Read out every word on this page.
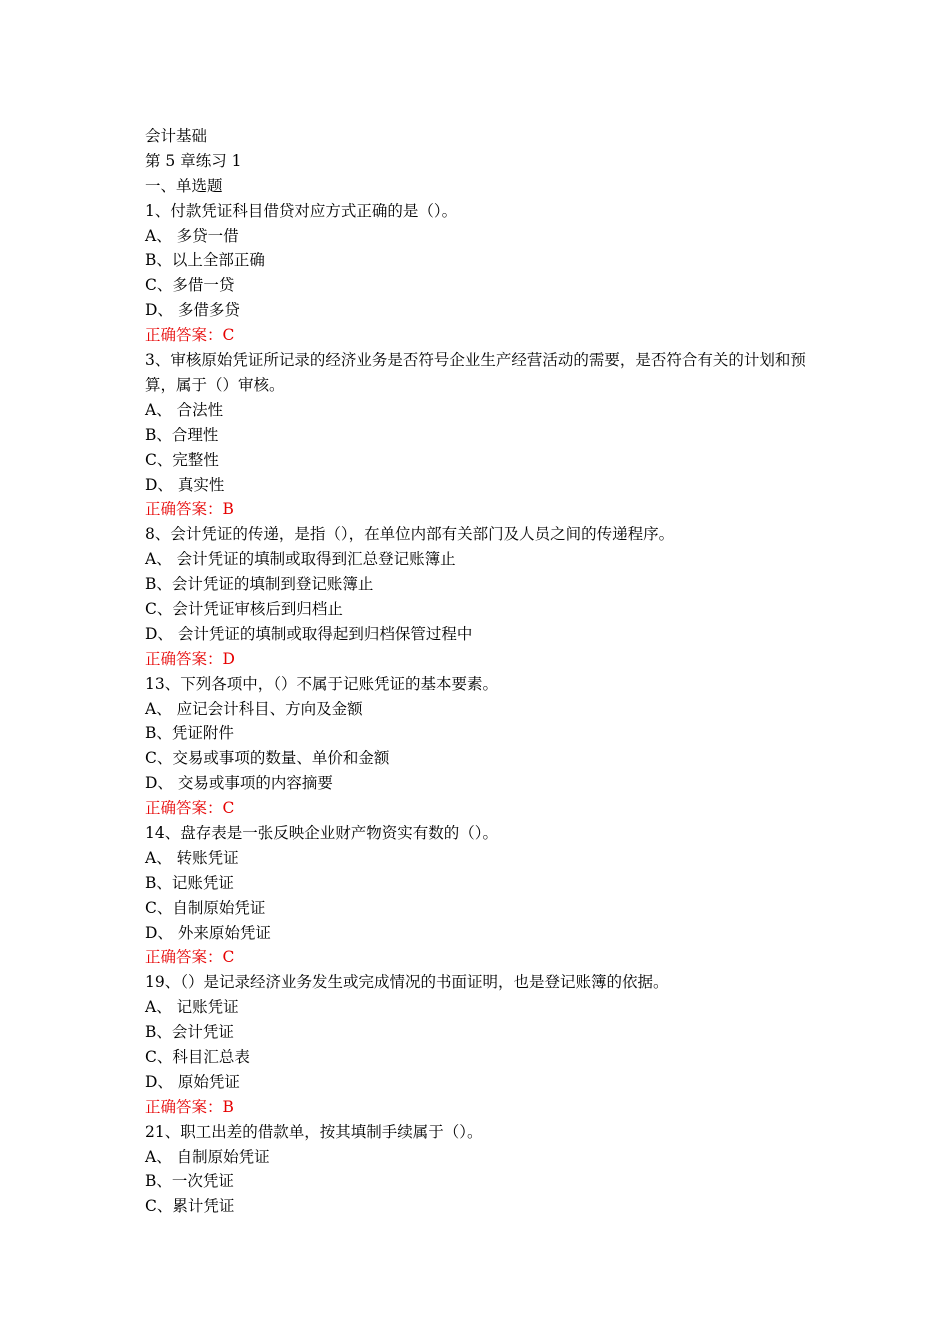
会计基础
第 5 章练习 1
一、单选题
1、付款凭证科目借贷对应方式正确的是（）。
A、 多贷一借
B、以上全部正确
C、多借一贷
D、 多借多贷
正确答案：C
3、审核原始凭证所记录的经济业务是否符号企业生产经营活动的需要，是否符合有关的计划和预算，属于（）审核。
A、 合法性
B、合理性
C、完整性
D、 真实性
正确答案：B
8、会计凭证的传递，是指（），在单位内部有关部门及人员之间的传递程序。
A、 会计凭证的填制或取得到汇总登记账簿止
B、会计凭证的填制到登记账簿止
C、会计凭证审核后到归档止
D、 会计凭证的填制或取得起到归档保管过程中
正确答案：D
13、下列各项中，（）不属于记账凭证的基本要素。
A、 应记会计科目、方向及金额
B、凭证附件
C、交易或事项的数量、单价和金额
D、 交易或事项的内容摘要
正确答案：C
14、盘存表是一张反映企业财产物资实有数的（）。
A、 转账凭证
B、记账凭证
C、自制原始凭证
D、 外来原始凭证
正确答案：C
19、（）是记录经济业务发生或完成情况的书面证明，也是登记账簿的依据。
A、 记账凭证
B、会计凭证
C、科目汇总表
D、 原始凭证
正确答案：B
21、职工出差的借款单，按其填制手续属于（）。
A、 自制原始凭证
B、一次凭证
C、累计凭证
